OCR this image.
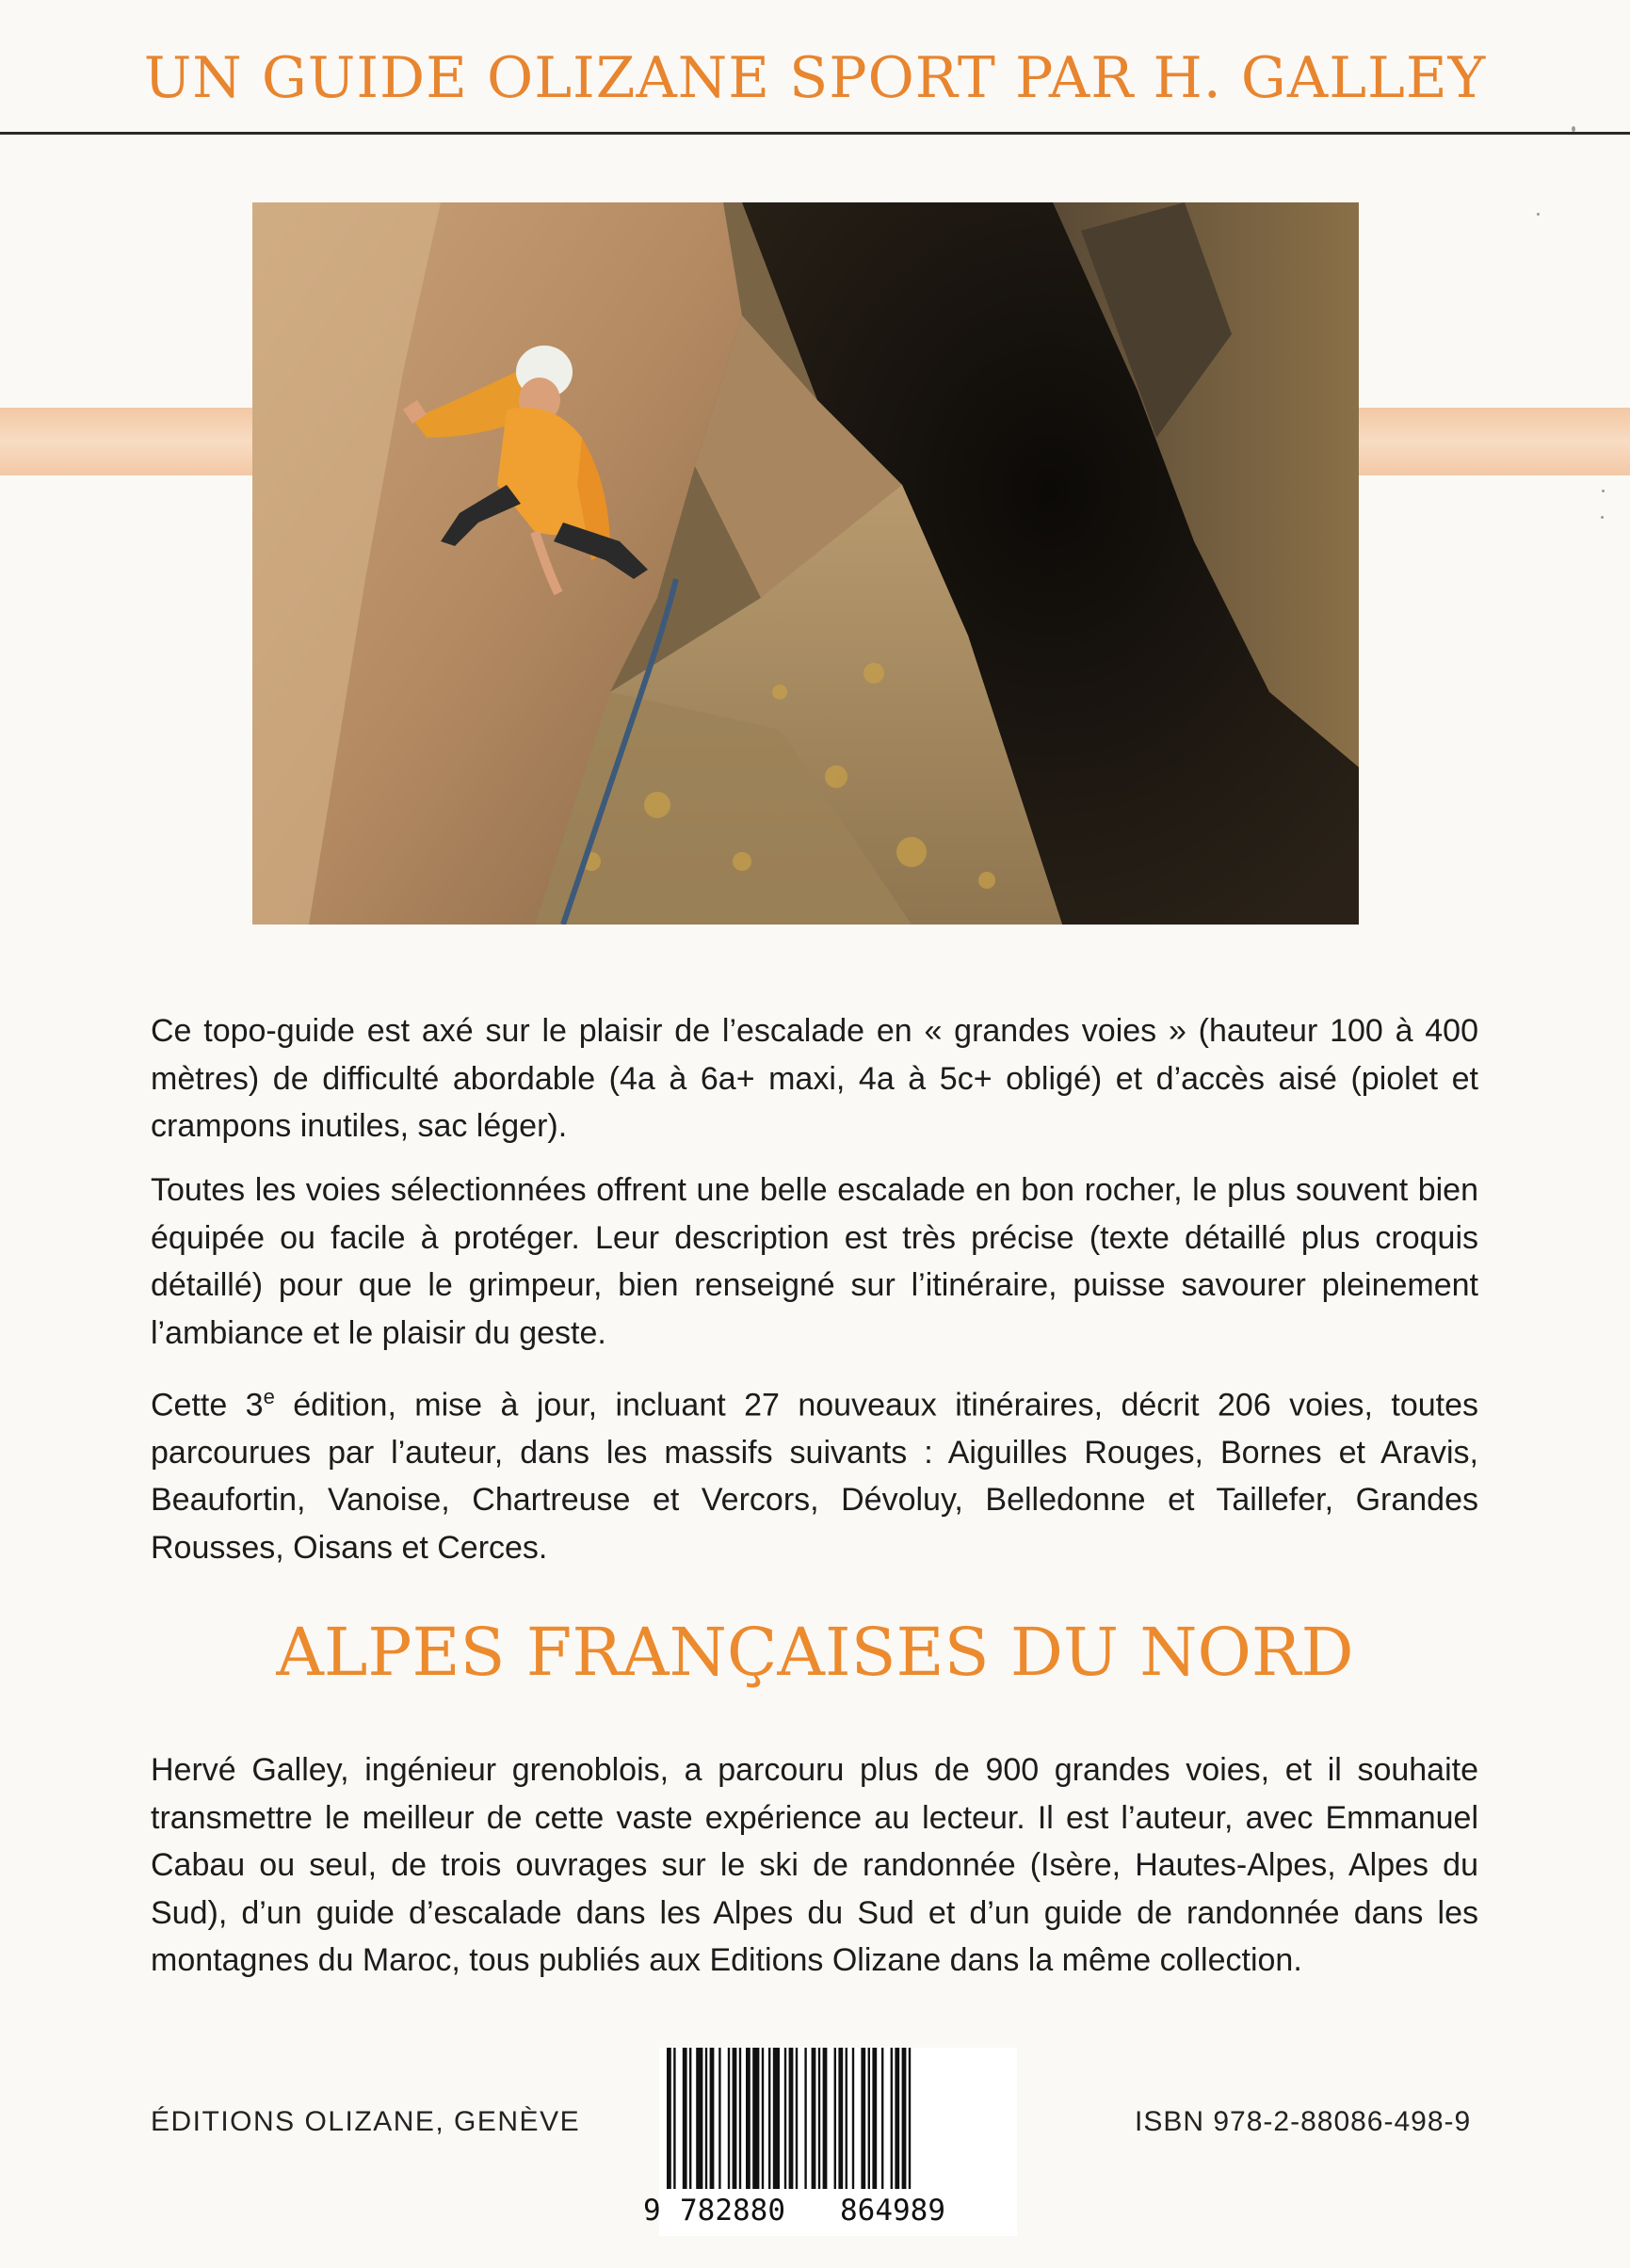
UN GUIDE OLIZANE SPORT PAR H. GALLEY

Ce topo-guide est axé sur le plaisir de l’escalade en « grandes voies » (hauteur 100 à 400 mètres) de difficulté abordable (4a à 6a+ maxi, 4a à 5c+ obligé) et d’accès aisé (piolet et crampons inutiles, sac léger).

Toutes les voies sélectionnées offrent une belle escalade en bon rocher, le plus souvent bien équipée ou facile à protéger. Leur description est très précise (texte détaillé plus croquis détaillé) pour que le grimpeur, bien renseigné sur l’itinéraire, puisse savourer pleinement l’ambiance et le plaisir du geste.

Cette 3e édition, mise à jour, incluant 27 nouveaux itinéraires, décrit 206 voies, toutes parcourues par l’auteur, dans les massifs suivants : Aiguilles Rouges, Bornes et Aravis, Beaufortin, Vanoise, Chartreuse et Vercors, Dévoluy, Belledonne et Taillefer, Grandes Rousses, Oisans et Cerces.

ALPES FRANÇAISES DU NORD

Hervé Galley, ingénieur grenoblois, a parcouru plus de 900 grandes voies, et il souhaite transmettre le meilleur de cette vaste expérience au lecteur. Il est l’auteur, avec Emmanuel Cabau ou seul, de trois ouvrages sur le ski de randonnée (Isère, Hautes-Alpes, Alpes du Sud), d’un guide d’escalade dans les Alpes du Sud et d’un guide de randonnée dans les montagnes du Maroc, tous publiés aux Editions Olizane dans la même collection.

ÉDITIONS OLIZANE, GENÈVE	ISBN 978-2-88086-498-9
9 782880 864989
